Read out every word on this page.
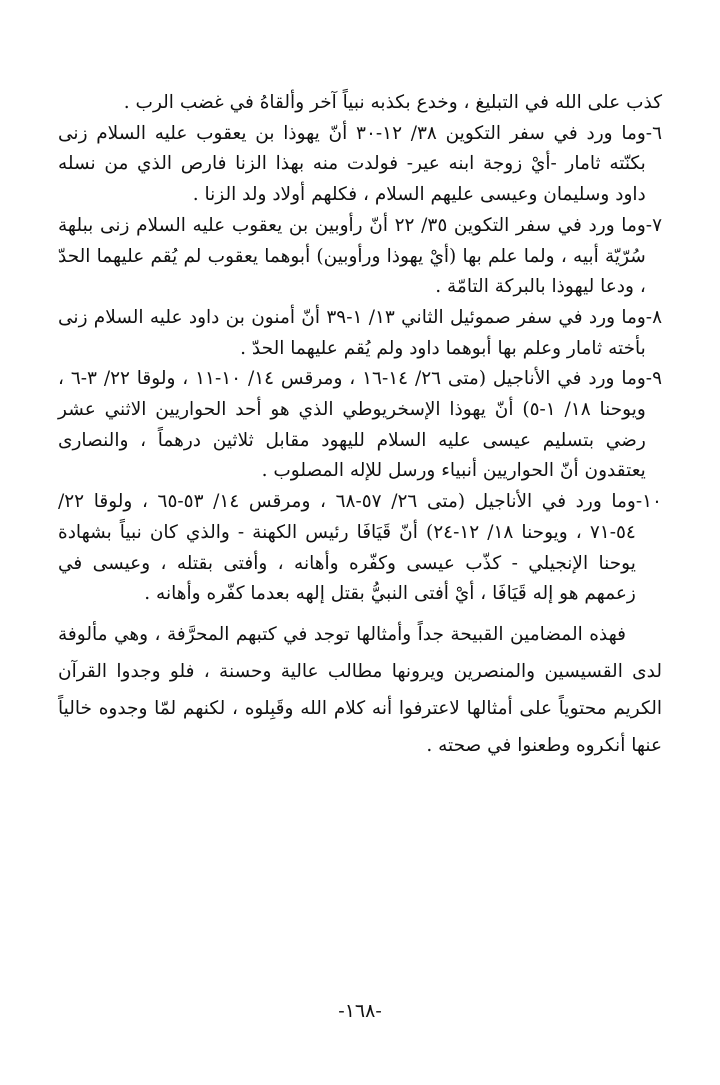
كذب على الله في التبليغ ، وخدع بكذبه نبياً آخر وألقاهُ في غضب الرب .

٦-
وما ورد في سفر التكوين ٣٨/ ١٢-٣٠ أنّ يهوذا بن يعقوب عليه السلام زنى بكنّته ثامار -أيْ زوجة ابنه عير- فولدت منه بهذا الزنا فارص الذي من نسله داود وسليمان وعيسى عليهم السلام ، فكلهم أولاد ولد الزنا .
٧-
وما ورد في سفر التكوين ٣٥/ ٢٢ أنّ رأوبين بن يعقوب عليه السلام زنى ببلهة سُرّيّة أبيه ، ولما علم بها (أيْ يهوذا ورأوبين) أبوهما يعقوب لم يُقم عليهما الحدّ ، ودعا ليهوذا بالبركة التامّة .
٨-
وما ورد في سفر صموئيل الثاني ١٣/ ١-٣٩ أنّ أمنون بن داود عليه السلام زنى بأخته ثامار وعلم بها أبوهما داود ولم يُقم عليهما الحدّ .
٩-
وما ورد في الأناجيل (متى ٢٦/ ١٤-١٦ ، ومرقس ١٤/ ١٠-١١ ، ولوقا ٢٢/ ٣-٦ ، ويوحنا ١٨/ ١-٥) أنّ يهوذا الإسخريوطي الذي هو أحد الحواريين الاثني عشر رضي بتسليم عيسى عليه السلام لليهود مقابل ثلاثين درهماً ، والنصارى يعتقدون أنّ الحواريين أنبياء ورسل للإله المصلوب .
١٠-
وما ورد في الأناجيل (متى ٢٦/ ٥٧-٦٨ ، ومرقس ١٤/ ٥٣-٦٥ ، ولوقا ٢٢/ ٥٤-٧١ ، ويوحنا ١٨/ ١٢-٢٤) أنّ قَيَافَا رئيس الكهنة - والذي كان نبياً بشهادة يوحنا الإنجيلي - كذّب عيسى وكفّره وأهانه ، وأفتى بقتله ، وعيسى في زعمهم هو إله قَيَافَا ، أيْ أفتى النبيُّ بقتل إلهه بعدما كفّره وأهانه .

فهذه المضامين القبيحة جداً وأمثالها توجد في كتبهم المحرَّفة ، وهي مألوفة لدى القسيسين والمنصرين ويرونها مطالب عالية وحسنة ، فلو وجدوا القرآن الكريم محتوياً على أمثالها لاعترفوا أنه كلام الله وقَبِلوه ، لكنهم لمّا وجدوه خالياً عنها أنكروه وطعنوا في صحته .

-١٦٨-
